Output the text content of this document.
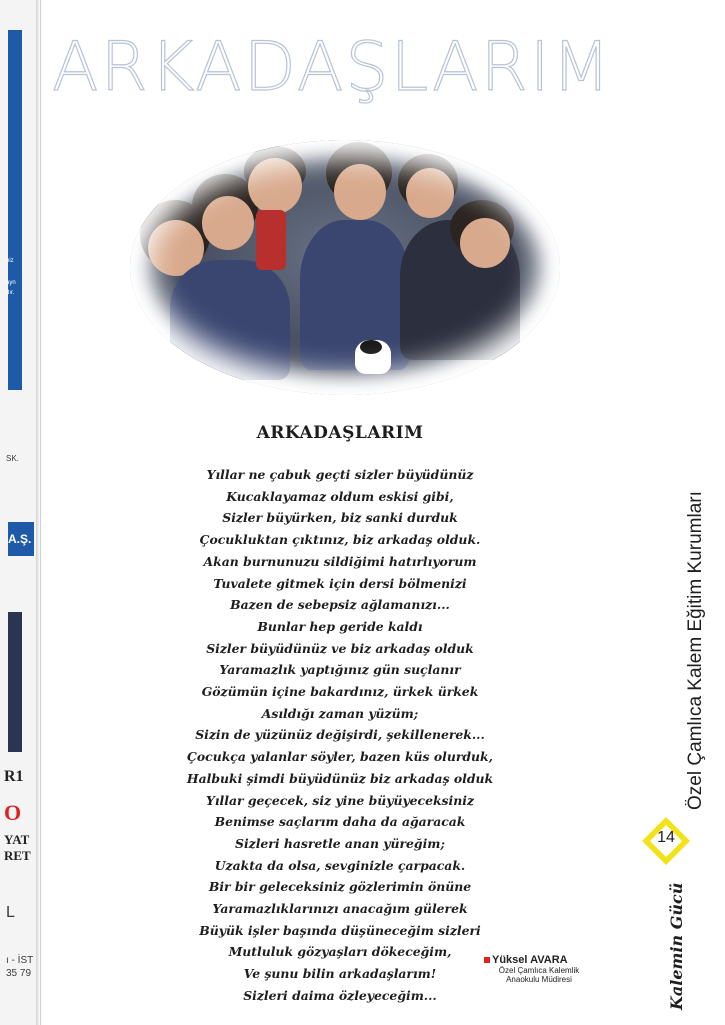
niz
ayn
dır.
SK.
A.Ş.
R1
O
YAT
RET
L
ı - İST
35 79
ARKADAŞLARIM
ARKADAŞLARIM
Yıllar ne çabuk geçti sizler büyüdünüz
Kucaklayamaz oldum eskisi gibi,
Sizler büyürken, biz sanki durduk
Çocukluktan çıktınız, biz arkadaş olduk.
Akan burnunuzu sildiğimi hatırlıyorum
Tuvalete gitmek için dersi bölmenizi
Bazen de sebepsiz ağlamanızı...
Bunlar hep geride kaldı
Sizler büyüdünüz ve biz arkadaş olduk
Yaramazlık yaptığınız gün suçlanır
Gözümün içine bakardınız, ürkek ürkek
Asıldığı zaman yüzüm;
Sizin de yüzünüz değişirdi, şekillenerek...
Çocukça yalanlar söyler, bazen küs olurduk,
Halbuki şimdi büyüdünüz biz arkadaş olduk
Yıllar geçecek, siz yine büyüyeceksiniz
Benimse saçlarım daha da ağaracak
Sizleri hasretle anan yüreğim;
Uzakta da olsa, sevginizle çarpacak.
Bir bir geleceksiniz gözlerimin önüne
Yaramazlıklarınızı anacağım gülerek
Büyük işler başında düşüneceğim sizleri
Mutluluk gözyaşları dökeceğim,
Ve şunu bilin arkadaşlarım!
Sizleri daima özleyeceğim...
Yüksel AVARA
Özel Çamlıca Kalemlik
Anaokulu Müdiresi
Özel Çamlıca Kalem Eğitim Kurumları
14
Kalemin Gücü
